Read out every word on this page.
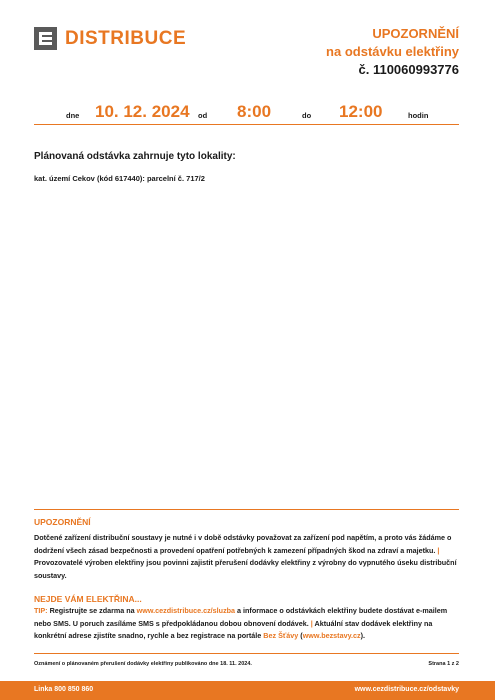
DISTRIBUCE	UPOZORNĚNÍ
na odstávku elektřiny
č. 110060993776
dne 10. 12. 2024 od 8:00	do 12:00	hodin
Plánovaná odstávka zahrnuje tyto lokality:
kat. území Cekov (kód 617440): parcelní č. 717/2
UPOZORNĚNÍ
Dotčené zařízení distribuční soustavy je nutné i v době odstávky považovat za zařízení pod napětím, a proto vás žádáme o dodržení všech zásad bezpečnosti a provedení opatření potřebných k zamezení případných škod na zdraví a majetku. | Provozovatelé výroben elektřiny jsou povinni zajistit přerušení dodávky elektřiny z výrobny do vypnutého úseku distribuční soustavy.
NEJDE VÁM ELEKTŘINA...
TIP: Registrujte se zdarma na www.cezdistribuce.cz/sluzba a informace o odstávkách elektřiny budete dostávat e-mailem nebo SMS. U poruch zasíláme SMS s předpokládanou dobou obnovení dodávek. | Aktuální stav dodávek elektřiny na konkrétní adrese zjistíte snadno, rychle a bez registrace na portále Bez Šťávy (www.bezstavy.cz).
Oznámení o plánovaném přerušení dodávky elektřiny publikováno dne 18. 11. 2024.	Strana 1 z 2
Linka 800 850 860	www.cezdistribuce.cz/odstavky
